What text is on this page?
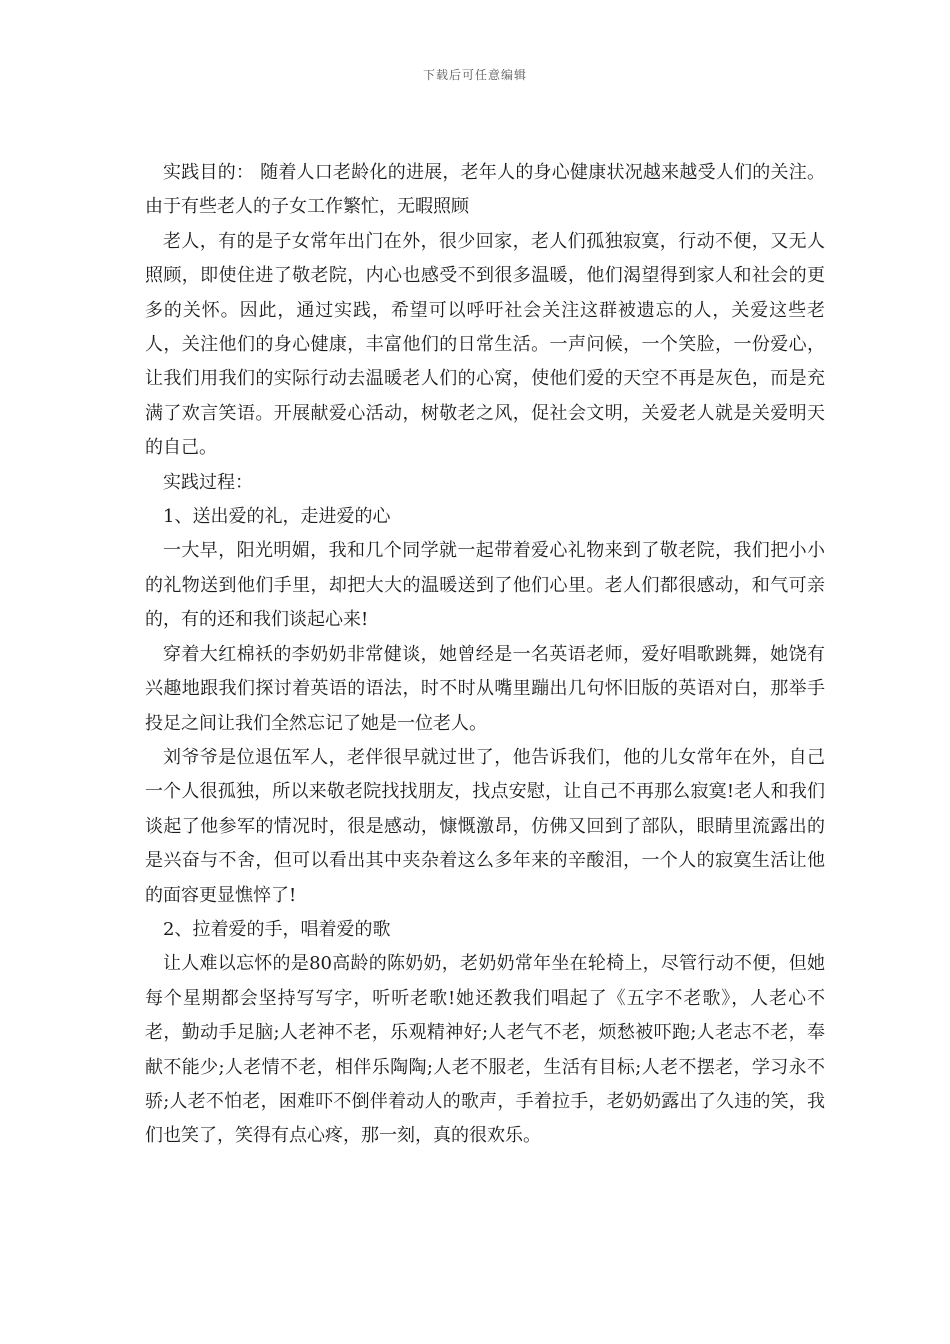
下载后可任意编辑

实践目的： 随着人口老龄化的进展，老年人的身心健康状况越来越受人们的关注。由于有些老人的子女工作繁忙，无暇照顾

老人，有的是子女常年出门在外，很少回家，老人们孤独寂寞，行动不便，又无人照顾，即使住进了敬老院，内心也感受不到很多温暖，他们渴望得到家人和社会的更多的关怀。因此，通过实践，希望可以呼吁社会关注这群被遗忘的人，关爱这些老人，关注他们的身心健康，丰富他们的日常生活。一声问候，一个笑脸，一份爱心，让我们用我们的实际行动去温暖老人们的心窝，使他们爱的天空不再是灰色，而是充满了欢言笑语。开展献爱心活动，树敬老之风，促社会文明，关爱老人就是关爱明天的自己。

实践过程：

1、送出爱的礼，走进爱的心

一大早，阳光明媚，我和几个同学就一起带着爱心礼物来到了敬老院，我们把小小的礼物送到他们手里，却把大大的温暖送到了他们心里。老人们都很感动，和气可亲的，有的还和我们谈起心来!

穿着大红棉袄的李奶奶非常健谈，她曾经是一名英语老师，爱好唱歌跳舞，她饶有兴趣地跟我们探讨着英语的语法，时不时从嘴里蹦出几句怀旧版的英语对白，那举手投足之间让我们全然忘记了她是一位老人。

刘爷爷是位退伍军人，老伴很早就过世了，他告诉我们，他的儿女常年在外，自己一个人很孤独，所以来敬老院找找朋友，找点安慰，让自己不再那么寂寞!老人和我们谈起了他参军的情况时，很是感动，慷慨激昂，仿佛又回到了部队，眼睛里流露出的是兴奋与不舍，但可以看出其中夹杂着这么多年来的辛酸泪，一个人的寂寞生活让他的面容更显憔悴了!

2、拉着爱的手，唱着爱的歌

让人难以忘怀的是80高龄的陈奶奶，老奶奶常年坐在轮椅上，尽管行动不便，但她每个星期都会坚持写写字，听听老歌!她还教我们唱起了《五字不老歌》，人老心不老，勤动手足脑;人老神不老，乐观精神好;人老气不老，烦愁被吓跑;人老志不老，奉献不能少;人老情不老，相伴乐陶陶;人老不服老，生活有目标;人老不摆老，学习永不骄;人老不怕老，困难吓不倒伴着动人的歌声，手着拉手，老奶奶露出了久违的笑，我们也笑了，笑得有点心疼，那一刻，真的很欢乐。
